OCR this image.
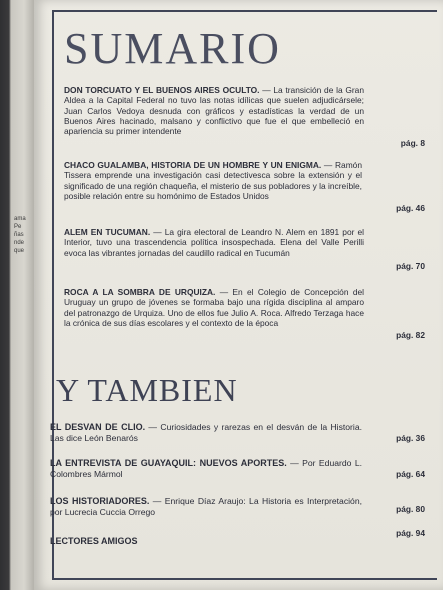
ama
Pe
ñas
nde
que
SUMARIO
DON TORCUATO Y EL BUENOS AIRES OCULTO. — La transición de la Gran Aldea a la Capital Federal no tuvo las notas idílicas que suelen adjudicársele; Juan Carlos Vedoya desnuda con gráficos y estadísticas la verdad de un Buenos Aires hacinado, malsano y conflictivo que fue el que embelleció en apariencia su primer intendente
pág. 8
CHACO GUALAMBA, HISTORIA DE UN HOMBRE Y UN ENIGMA. — Ramón Tissera emprende una investigación casi detectivesca sobre la extensión y el significado de una región chaqueña, el misterio de sus pobladores y la increíble, posible relación entre su homónimo de Estados Unidos
pág. 46
ALEM EN TUCUMAN. — La gira electoral de Leandro N. Alem en 1891 por el Interior, tuvo una trascendencia política insospechada. Elena del Valle Perilli evoca las vibrantes jornadas del caudillo radical en Tucumán
pág. 70
ROCA A LA SOMBRA DE URQUIZA. — En el Colegio de Concepción del Uruguay un grupo de jóvenes se formaba bajo una rígida disciplina al amparo del patronazgo de Urquiza. Uno de ellos fue Julio A. Roca. Alfredo Terzaga hace la crónica de sus días escolares y el contexto de la época
pág. 82
Y TAMBIEN
EL DESVAN DE CLIO. — Curiosidades y rarezas en el desván de la Historia. Las dice León Benarós	pág. 36
LA ENTREVISTA DE GUAYAQUIL: NUEVOS APORTES. — Por Eduardo L. Colombres Mármol	pág. 64
LOS HISTORIADORES. — Enrique Díaz Araujo: La Historia es Interpretación, por Lucrecia Cuccia Orrego	pág. 80
LECTORES AMIGOS
pág. 94
